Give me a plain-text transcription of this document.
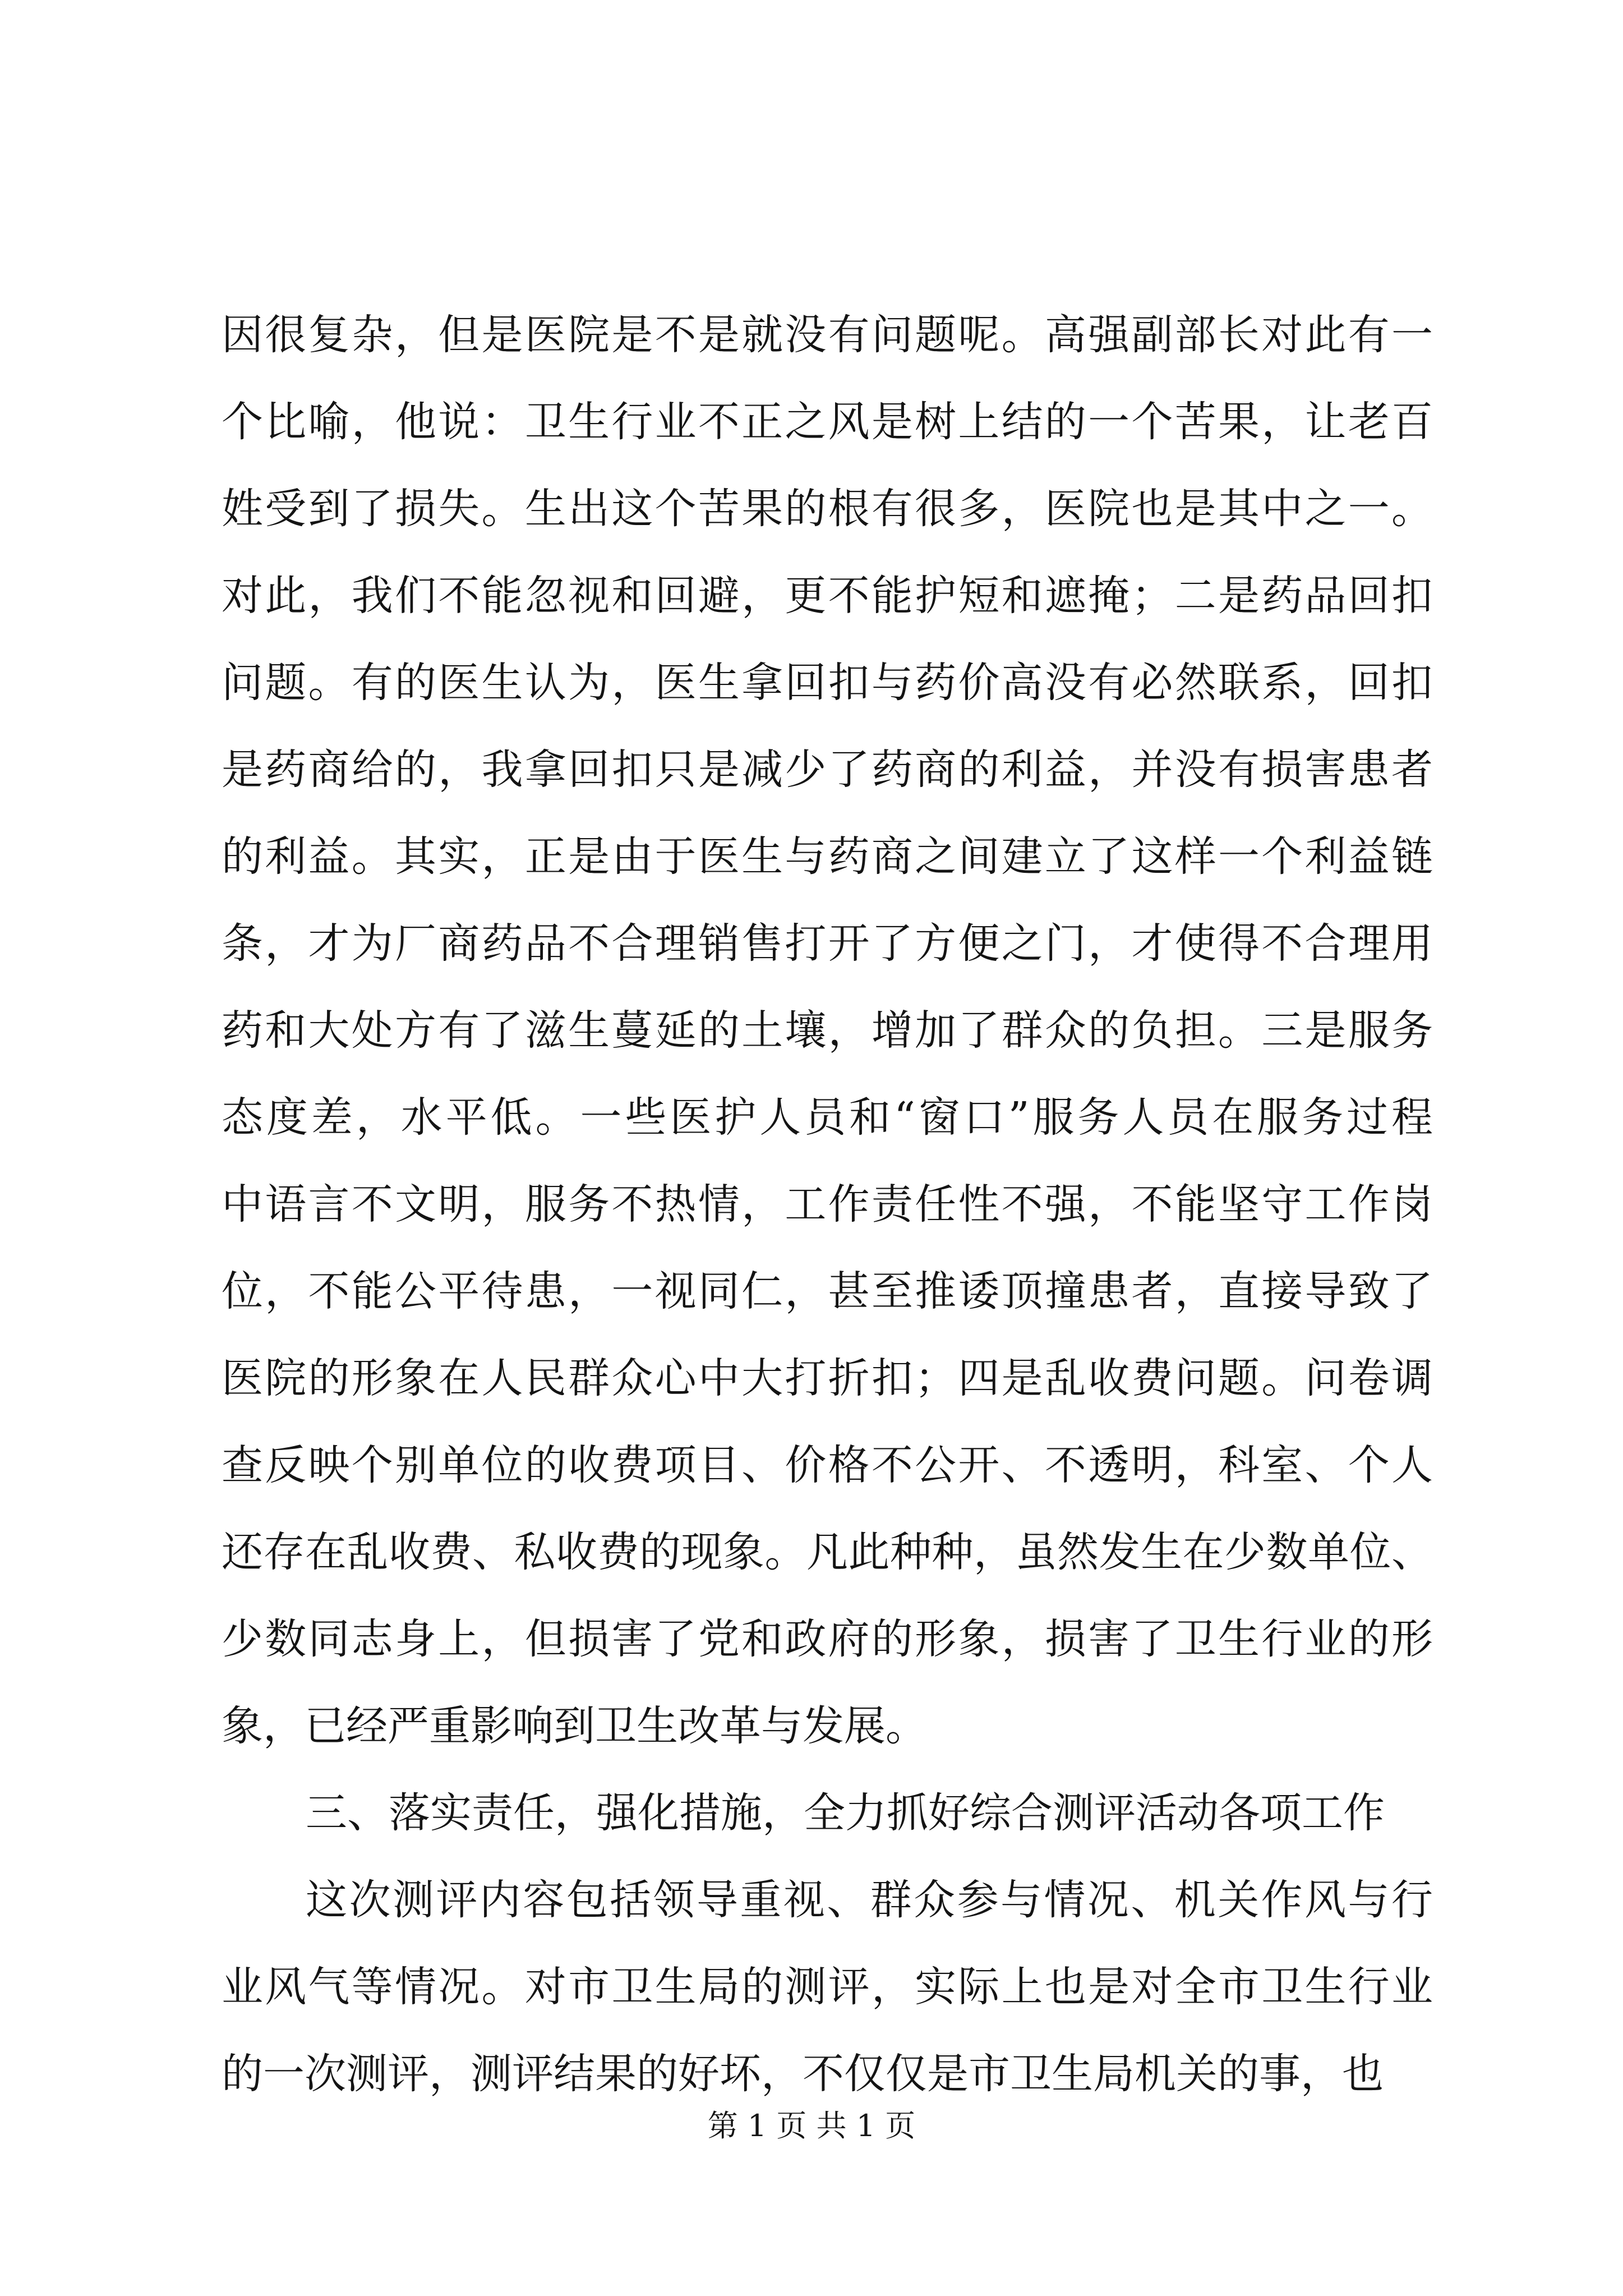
因很复杂，但是医院是不是就没有问题呢。高强副部长对此有一
个比喻，他说：卫生行业不正之风是树上结的一个苦果，让老百
姓受到了损失。生出这个苦果的根有很多，医院也是其中之一。
对此，我们不能忽视和回避，更不能护短和遮掩；二是药品回扣
问题。有的医生认为，医生拿回扣与药价高没有必然联系，回扣
是药商给的，我拿回扣只是减少了药商的利益，并没有损害患者
的利益。其实，正是由于医生与药商之间建立了这样一个利益链
条，才为厂商药品不合理销售打开了方便之门，才使得不合理用
药和大处方有了滋生蔓延的土壤，增加了群众的负担。三是服务
态度差，水平低。一些医护人员和“窗口”服务人员在服务过程
中语言不文明，服务不热情，工作责任性不强，不能坚守工作岗
位，不能公平待患，一视同仁，甚至推诿顶撞患者，直接导致了
医院的形象在人民群众心中大打折扣；四是乱收费问题。问卷调
查反映个别单位的收费项目、价格不公开、不透明，科室、个人
还存在乱收费、私收费的现象。凡此种种，虽然发生在少数单位、
少数同志身上，但损害了党和政府的形象，损害了卫生行业的形
象，已经严重影响到卫生改革与发展。
三、落实责任，强化措施，全力抓好综合测评活动各项工作
这次测评内容包括领导重视、群众参与情况、机关作风与行
业风气等情况。对市卫生局的测评，实际上也是对全市卫生行业
的一次测评，测评结果的好坏，不仅仅是市卫生局机关的事，也
第 1 页 共 1 页
